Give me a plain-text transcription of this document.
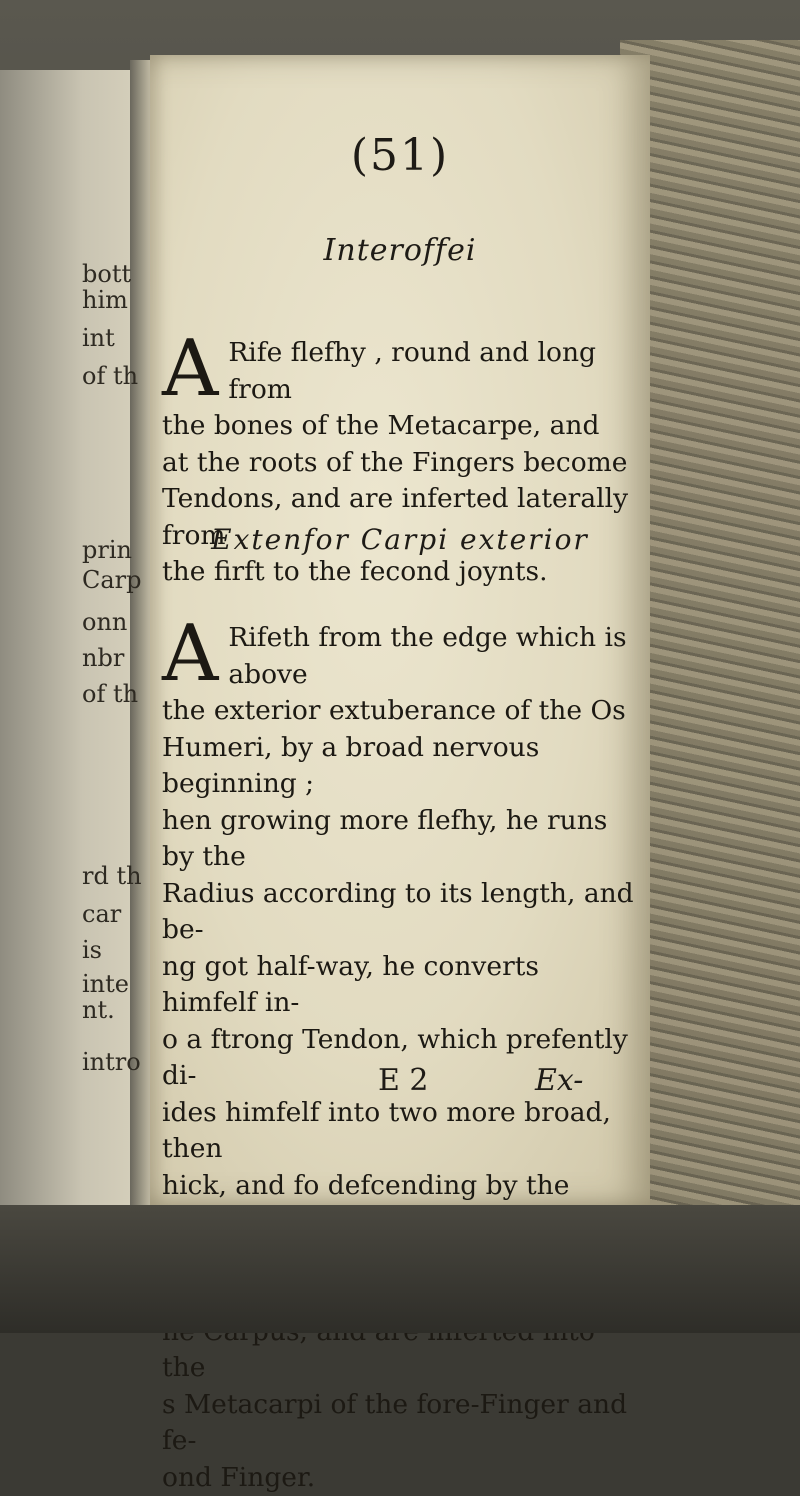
bott
him
int
of th
prin
Carp
onn
nbr
of th
rd th
car
is
inte
nt.
intro
(51)
Interoffei
A Rife flefhy , round and long from
the bones of the Metacarpe, and
at the roots of the Fingers become
Tendons, and are inferted laterally from
the firft to the fecond joynts.
Extenfor Carpi exterior
A Rifeth from the edge which is above
the exterior extuberance of the Os
Humeri, by a broad nervous beginning ;
hen growing more flefhy, he runs by the
Radius according to its length, and be-
ng got half-way, he converts himfelf in-
o a ftrong Tendon, which prefently di-
ides himfelf into two more broad, then
hick, and fo defcending by the

the
s Metacarpi of the fore-Finger and fe-
ond Finger.
E 2	Ex-
